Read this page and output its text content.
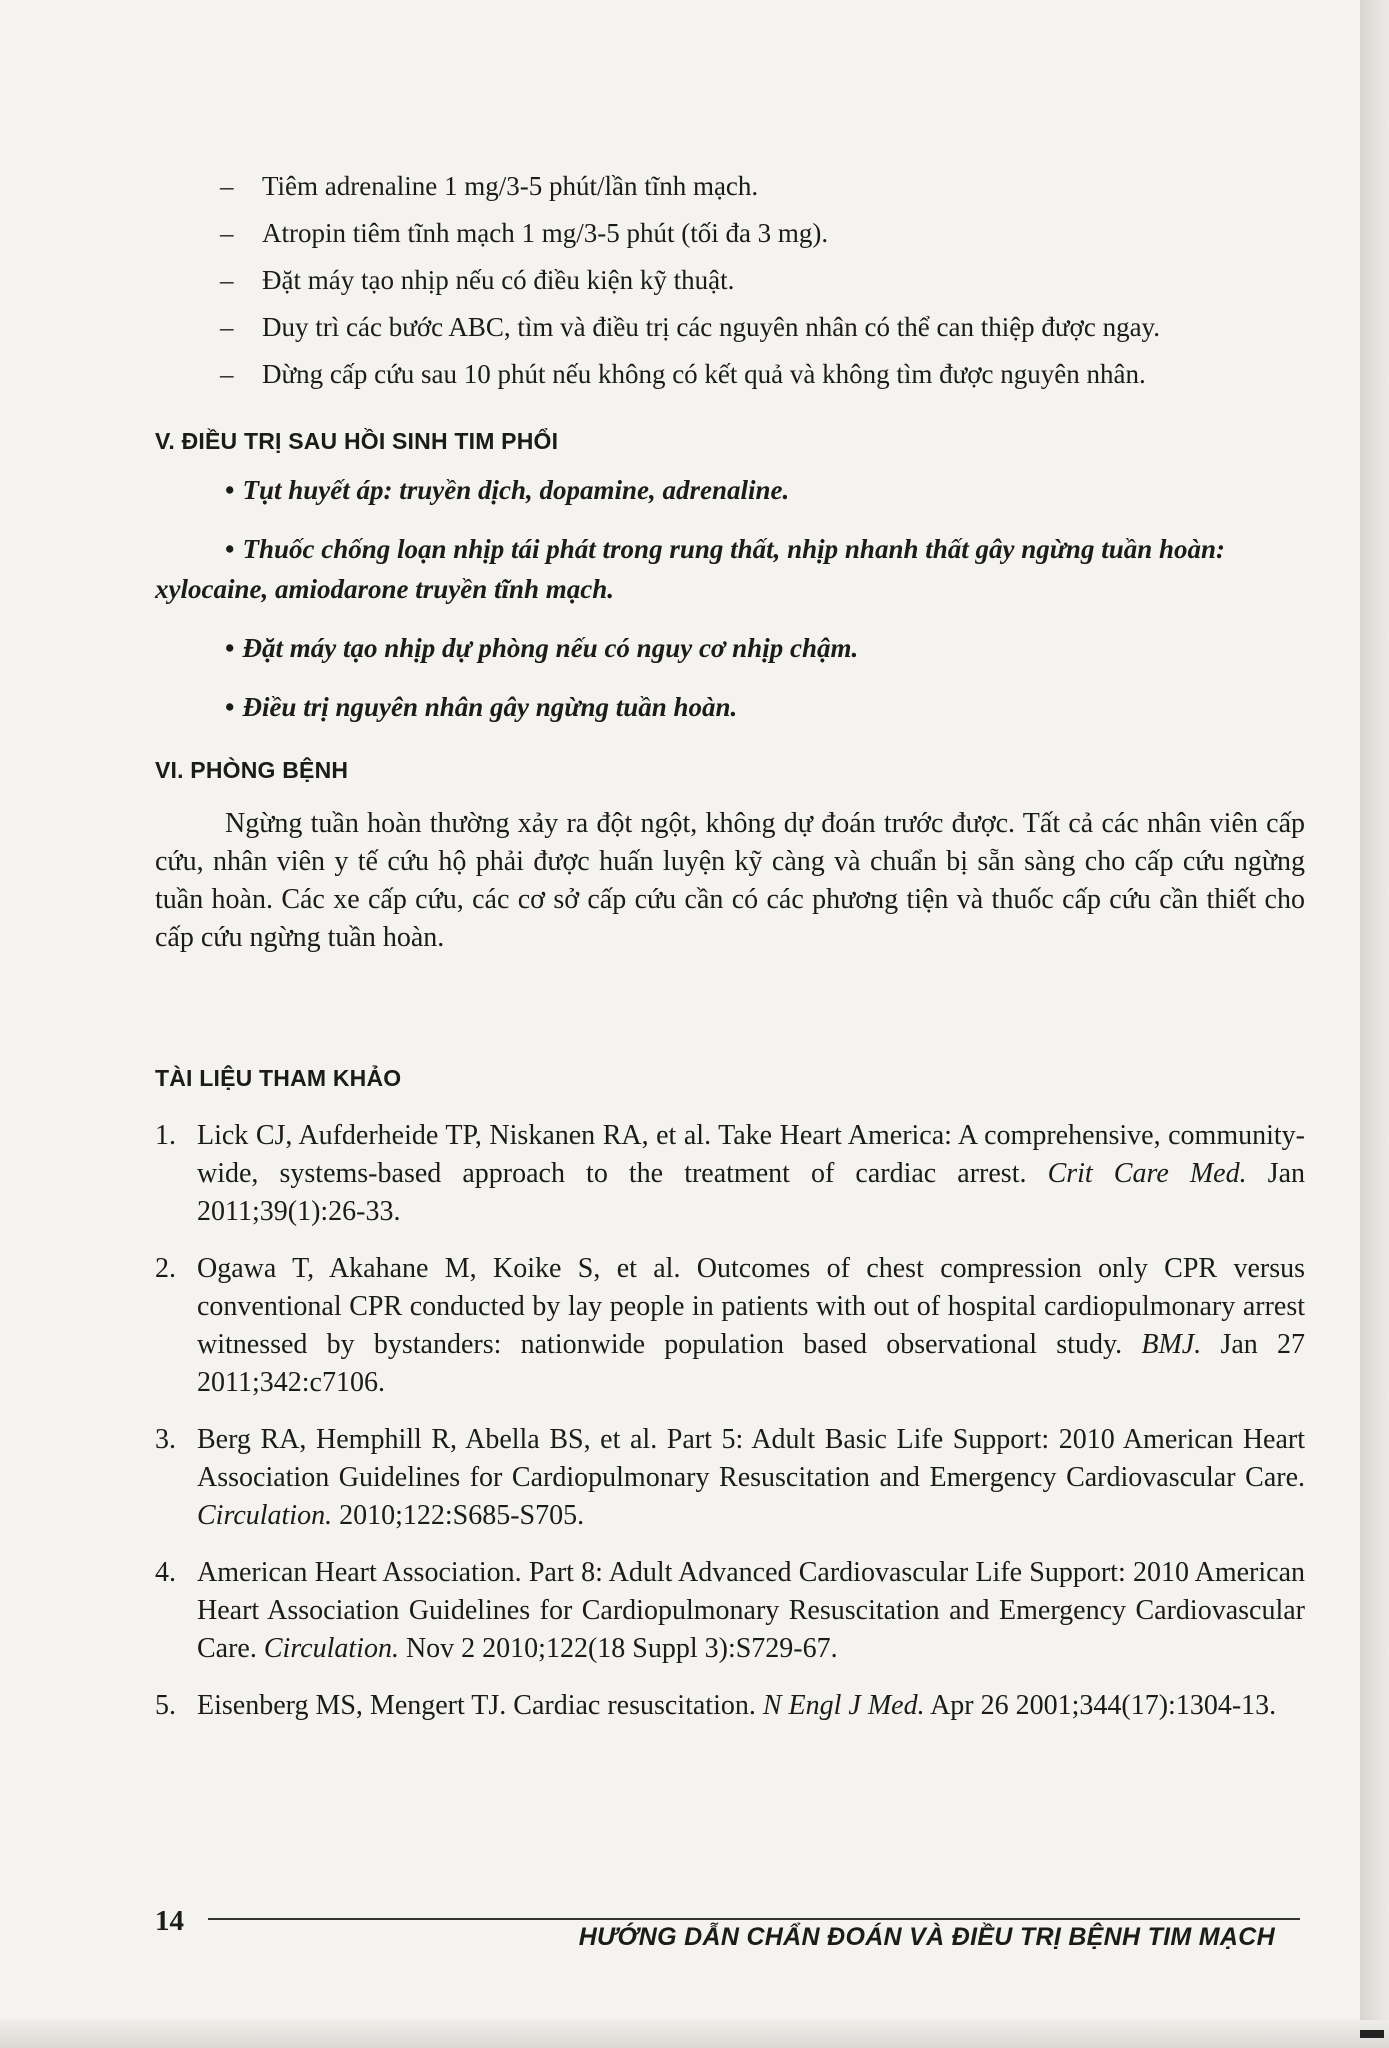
– Tiêm adrenaline 1 mg/3-5 phút/lần tĩnh mạch.
– Atropin tiêm tĩnh mạch 1 mg/3-5 phút (tối đa 3 mg).
– Đặt máy tạo nhịp nếu có điều kiện kỹ thuật.
– Duy trì các bước ABC, tìm và điều trị các nguyên nhân có thể can thiệp được ngay.
– Dừng cấp cứu sau 10 phút nếu không có kết quả và không tìm được nguyên nhân.
V. ĐIỀU TRỊ SAU HỒI SINH TIM PHỔI

• Tụt huyết áp: truyền dịch, dopamine, adrenaline.

• Thuốc chống loạn nhịp tái phát trong rung thất, nhịp nhanh thất gây ngừng tuần hoàn: xylocaine, amiodarone truyền tĩnh mạch.

• Đặt máy tạo nhịp dự phòng nếu có nguy cơ nhịp chậm.

• Điều trị nguyên nhân gây ngừng tuần hoàn.

VI. PHÒNG BỆNH

Ngừng tuần hoàn thường xảy ra đột ngột, không dự đoán trước được. Tất cả các nhân viên cấp cứu, nhân viên y tế cứu hộ phải được huấn luyện kỹ càng và chuẩn bị sẵn sàng cho cấp cứu ngừng tuần hoàn. Các xe cấp cứu, các cơ sở cấp cứu cần có các phương tiện và thuốc cấp cứu cần thiết cho cấp cứu ngừng tuần hoàn.

TÀI LIỆU THAM KHẢO
1. Lick CJ, Aufderheide TP, Niskanen RA, et al. Take Heart America: A comprehensive, community-wide, systems-based approach to the treatment of cardiac arrest. Crit Care Med. Jan 2011;39(1):26-33.
2. Ogawa T, Akahane M, Koike S, et al. Outcomes of chest compression only CPR versus conventional CPR conducted by lay people in patients with out of hospital cardiopulmonary arrest witnessed by bystanders: nationwide population based observational study. BMJ. Jan 27 2011;342:c7106.
3. Berg RA, Hemphill R, Abella BS, et al. Part 5: Adult Basic Life Support: 2010 American Heart Association Guidelines for Cardiopulmonary Resuscitation and Emergency Cardiovascular Care. Circulation. 2010;122:S685-S705.
4. American Heart Association. Part 8: Adult Advanced Cardiovascular Life Support: 2010 American Heart Association Guidelines for Cardiopulmonary Resuscitation and Emergency Cardiovascular Care. Circulation. Nov 2 2010;122(18 Suppl 3):S729-67.
5. Eisenberg MS, Mengert TJ. Cardiac resuscitation. N Engl J Med. Apr 26 2001;344(17):1304-13.
14	HƯỚNG DẪN CHẨN ĐOÁN VÀ ĐIỀU TRỊ BỆNH TIM MẠCH
